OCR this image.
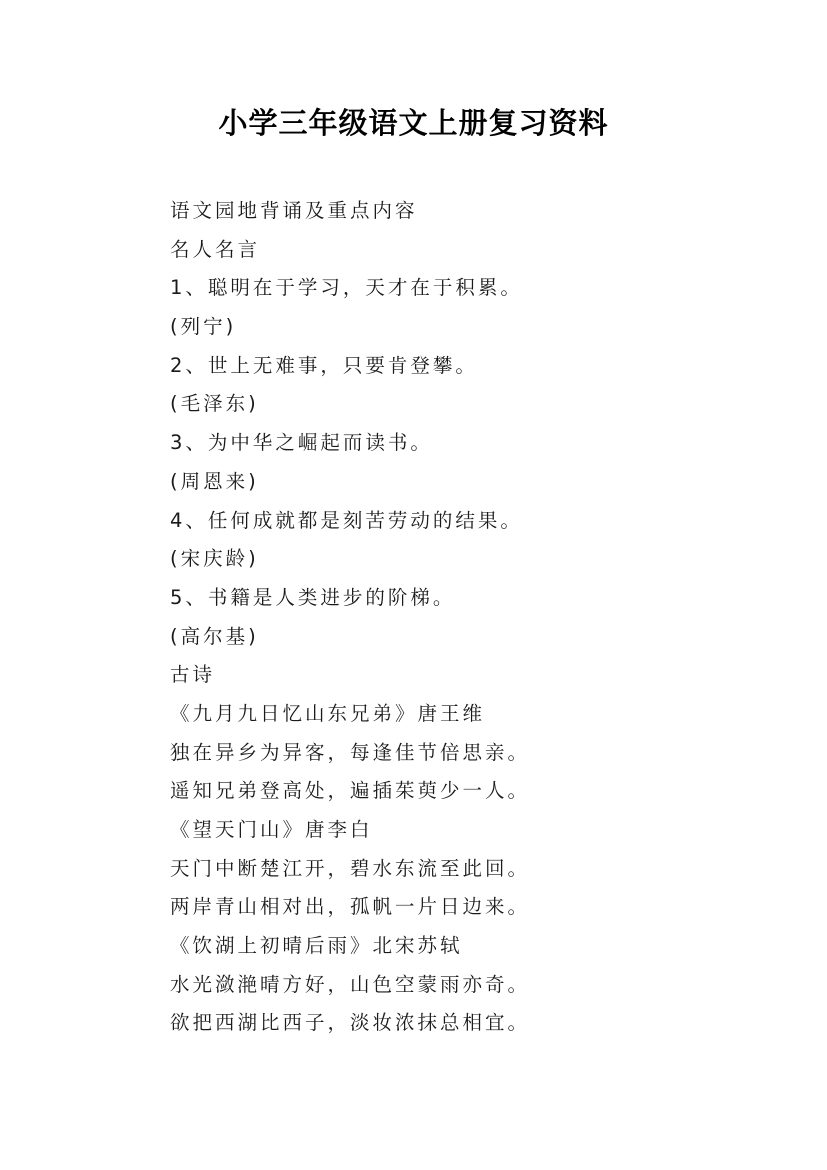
小学三年级语文上册复习资料
语文园地背诵及重点内容
名人名言
1、聪明在于学习，天才在于积累。
(列宁)
2、世上无难事，只要肯登攀。
(毛泽东)
3、为中华之崛起而读书。
(周恩来)
4、任何成就都是刻苦劳动的结果。
(宋庆龄)
5、书籍是人类进步的阶梯。
(高尔基)
古诗
《九月九日忆山东兄弟》唐王维
独在异乡为异客，每逢佳节倍思亲。
遥知兄弟登高处，遍插茱萸少一人。
《望天门山》唐李白
天门中断楚江开，碧水东流至此回。
两岸青山相对出，孤帆一片日边来。
《饮湖上初晴后雨》北宋苏轼
水光潋滟晴方好，山色空蒙雨亦奇。
欲把西湖比西子，淡妆浓抹总相宜。
